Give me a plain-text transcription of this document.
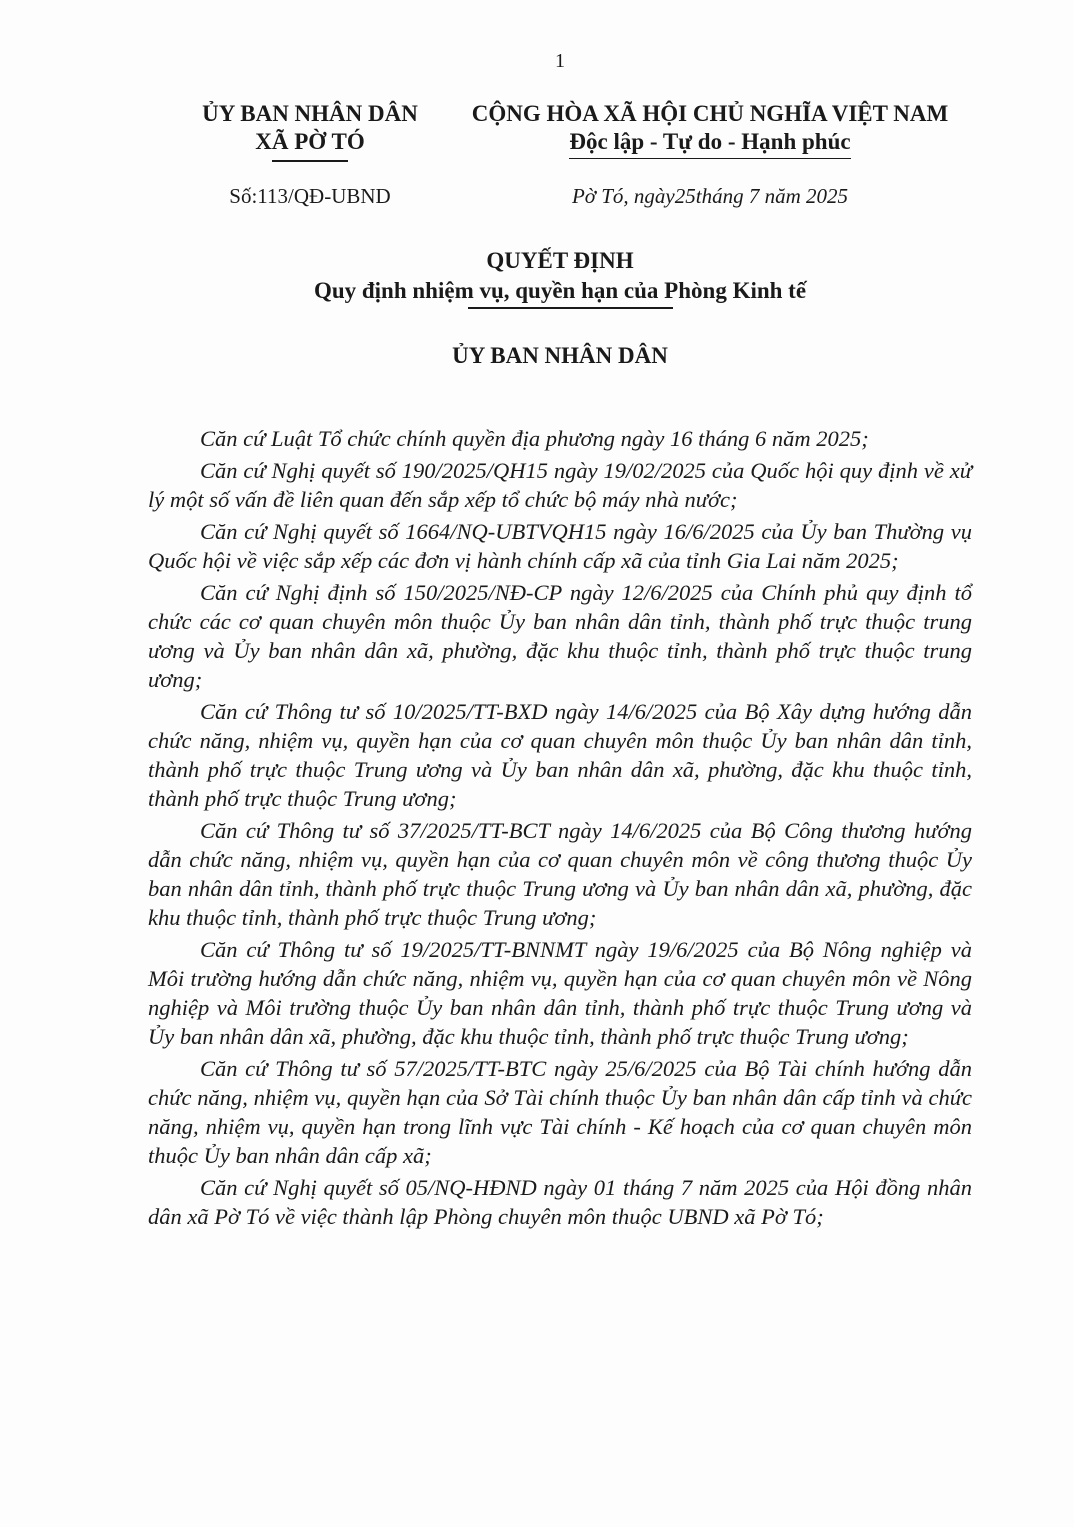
1
ỦY BAN NHÂN DÂN
XÃ PỜ TÓ
CỘNG HÒA XÃ HỘI CHỦ NGHĨA VIỆT NAM
Độc lập - Tự do - Hạnh phúc
Số:113/QĐ-UBND	Pờ Tó, ngày25tháng 7 năm 2025
QUYẾT ĐỊNH
Quy định nhiệm vụ, quyền hạn của Phòng Kinh tế
ỦY BAN NHÂN DÂN

Căn cứ Luật Tổ chức chính quyền địa phương ngày 16 tháng 6 năm 2025;

Căn cứ Nghị quyết số 190/2025/QH15 ngày 19/02/2025 của Quốc hội quy định về xử lý một số vấn đề liên quan đến sắp xếp tổ chức bộ máy nhà nước;

Căn cứ Nghị quyết số 1664/NQ-UBTVQH15 ngày 16/6/2025 của Ủy ban Thường vụ Quốc hội về việc sắp xếp các đơn vị hành chính cấp xã của tỉnh Gia Lai năm 2025;

Căn cứ Nghị định số 150/2025/NĐ-CP ngày 12/6/2025 của Chính phủ quy định tổ chức các cơ quan chuyên môn thuộc Ủy ban nhân dân tỉnh, thành phố trực thuộc trung ương và Ủy ban nhân dân xã, phường, đặc khu thuộc tỉnh, thành phố trực thuộc trung ương;

Căn cứ Thông tư số 10/2025/TT-BXD ngày 14/6/2025 của Bộ Xây dựng hướng dẫn chức năng, nhiệm vụ, quyền hạn của cơ quan chuyên môn thuộc Ủy ban nhân dân tỉnh, thành phố trực thuộc Trung ương và Ủy ban nhân dân xã, phường, đặc khu thuộc tỉnh, thành phố trực thuộc Trung ương;

Căn cứ Thông tư số 37/2025/TT-BCT ngày 14/6/2025 của Bộ Công thương hướng dẫn chức năng, nhiệm vụ, quyền hạn của cơ quan chuyên môn về công thương thuộc Ủy ban nhân dân tỉnh, thành phố trực thuộc Trung ương và Ủy ban nhân dân xã, phường, đặc khu thuộc tỉnh, thành phố trực thuộc Trung ương;

Căn cứ Thông tư số 19/2025/TT-BNNMT ngày 19/6/2025 của Bộ Nông nghiệp và Môi trường hướng dẫn chức năng, nhiệm vụ, quyền hạn của cơ quan chuyên môn về Nông nghiệp và Môi trường thuộc Ủy ban nhân dân tỉnh, thành phố trực thuộc Trung ương và Ủy ban nhân dân xã, phường, đặc khu thuộc tỉnh, thành phố trực thuộc Trung ương;

Căn cứ Thông tư số 57/2025/TT-BTC ngày 25/6/2025 của Bộ Tài chính hướng dẫn chức năng, nhiệm vụ, quyền hạn của Sở Tài chính thuộc Ủy ban nhân dân cấp tỉnh và chức năng, nhiệm vụ, quyền hạn trong lĩnh vực Tài chính - Kế hoạch của cơ quan chuyên môn thuộc Ủy ban nhân dân cấp xã;

Căn cứ Nghị quyết số 05/NQ-HĐND ngày 01 tháng 7 năm 2025 của Hội đồng nhân dân xã Pờ Tó về việc thành lập Phòng chuyên môn thuộc UBND xã Pờ Tó;
